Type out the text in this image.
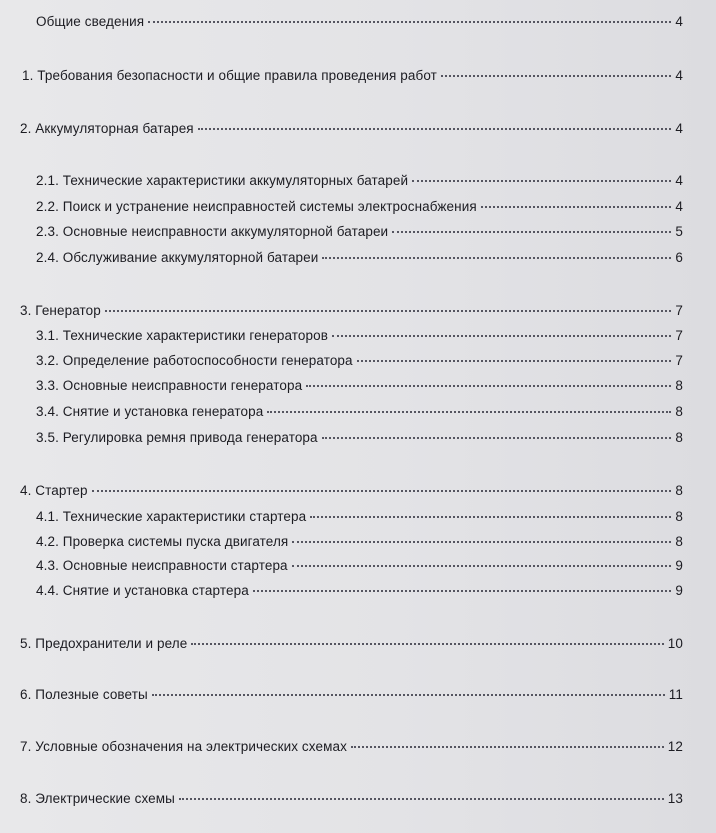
Общие сведения	4
1. Требования безопасности и общие правила проведения работ	4
2. Аккумуляторная батарея	4
2.1. Технические характеристики аккумуляторных батарей	4
2.2. Поиск и устранение неисправностей системы электроснабжения	4
2.3. Основные неисправности аккумуляторной батареи	5
2.4. Обслуживание аккумуляторной батареи	6
3. Генератор	7
3.1. Технические характеристики генераторов	7
3.2. Определение работоспособности генератора	7
3.3. Основные неисправности генератора	8
3.4. Снятие и установка генератора	8
3.5. Регулировка ремня привода генератора	8
4. Стартер	8
4.1. Технические характеристики стартера	8
4.2. Проверка системы пуска двигателя	8
4.3. Основные неисправности стартера	9
4.4. Снятие и установка стартера	9
5. Предохранители и реле	10
6. Полезные советы	11
7. Условные обозначения на электрических схемах	12
8. Электрические схемы	13
